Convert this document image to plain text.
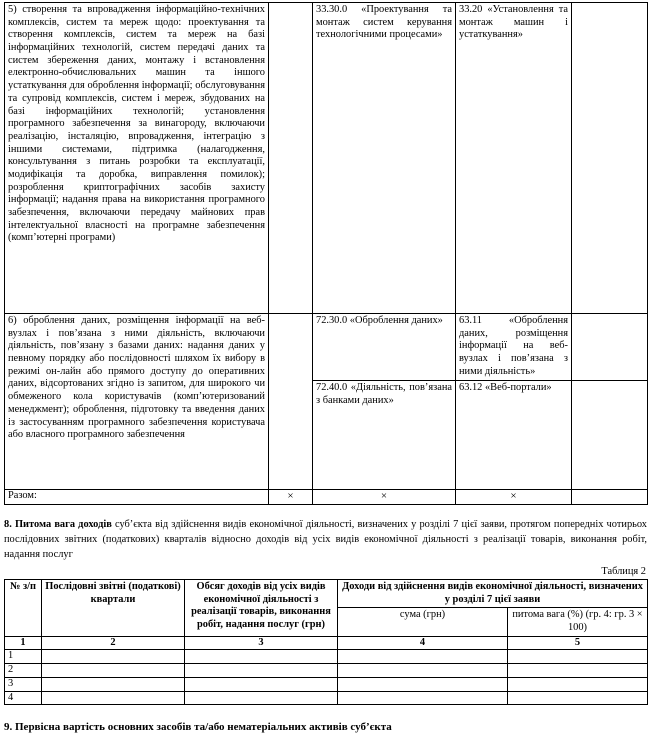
5) створення та впровадження інформаційно-технічних комплексів, систем та мереж щодо: проектування та створення комплексів, систем та мереж на базі інформаційних технологій, систем передачі даних та систем збереження даних, монтажу і встановлення електронно-обчислювальних машин та іншого устаткування для оброблення інформації; обслуговування та супровід комплексів, систем і мереж, збудованих на базі інформаційних технологій; установлення програмного забезпечення за винагороду, включаючи реалізацію, інсталяцію, впровадження, інтеграцію з іншими системами, підтримка (налагодження, консультування з питань розробки та експлуатації, модифікація та доробка, виправлення помилок); розроблення криптографічних засобів захисту інформації; надання права на використання програмного забезпечення, включаючи передачу майнових прав інтелектуальної власності на програмне забезпечення (комп’ютерні програми)		33.30.0 «Проектування та монтаж систем керування технологічними процесами»	33.20 «Установлення та монтаж машин і устаткування»	
6) оброблення даних, розміщення інформації на веб-вузлах і пов’язана з ними діяльність, включаючи діяльність, пов’язану з базами даних: надання даних у певному порядку або послідовності шляхом їх вибору в режимі он-лайн або прямого доступу до оперативних даних, відсортованих згідно із запитом, для широкого чи обмеженого кола користувачів (комп’ютеризований менеджмент); оброблення, підготовку та введення даних із застосуванням програмного забезпечення користувача або власного програмного забезпечення		72.30.0 «Оброблення даних»	63.11 «Оброблення даних, розміщення інформації на веб-вузлах і пов’язана з ними діяльність»	
		72.40.0 «Діяльність, пов’язана з банками даних»	63.12 «Веб-портали»	
Разом:	×	×	×	

8. Питома вага доходів суб’єкта від здійснення видів економічної діяльності, визначених у розділі 7 цієї заяви, протягом попередніх чотирьох послідовних звітних (податкових) кварталів відносно доходів від усіх видів економічної діяльності з реалізації товарів, виконання робіт, надання послуг

Таблиця 2
№ з/п	Послідовні звітні (податкові) квартали	Обсяг доходів від усіх видів економічної діяльності з реалізації товарів, виконання робіт, надання послуг (грн)	Доходи від здійснення видів економічної діяльності, визначених у розділі 7 цієї заяви	
			сума (грн)	питома вага (%) (гр. 4: гр. 3 × 100)
1	2	3	4	5
1				
2				
3				
4				
9. Первісна вартість основних засобів та/або нематеріальних активів суб’єкта
